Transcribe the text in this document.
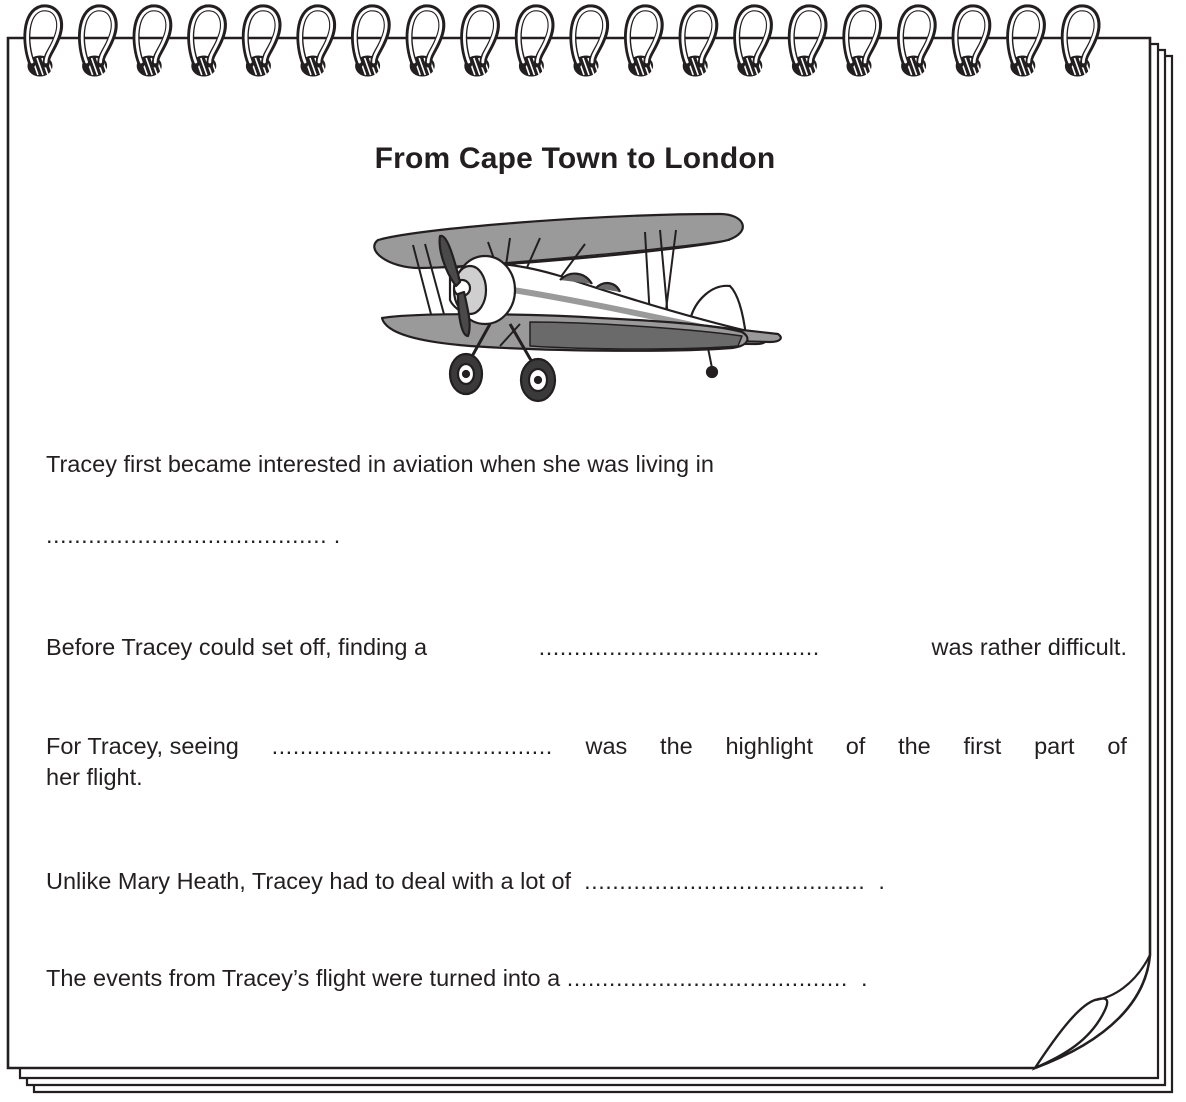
From Cape Town to London
Tracey first became interested in aviation when she was living in
........................................ .
Before Tracey could set off, finding a	........................................	was rather difficult.
For Tracey, seeing ........................................ was the highlight of the first part of
her flight.
Unlike Mary Heath, Tracey had to deal with a lot of ........................................ .
The events from Tracey’s flight were turned into a ........................................ .
